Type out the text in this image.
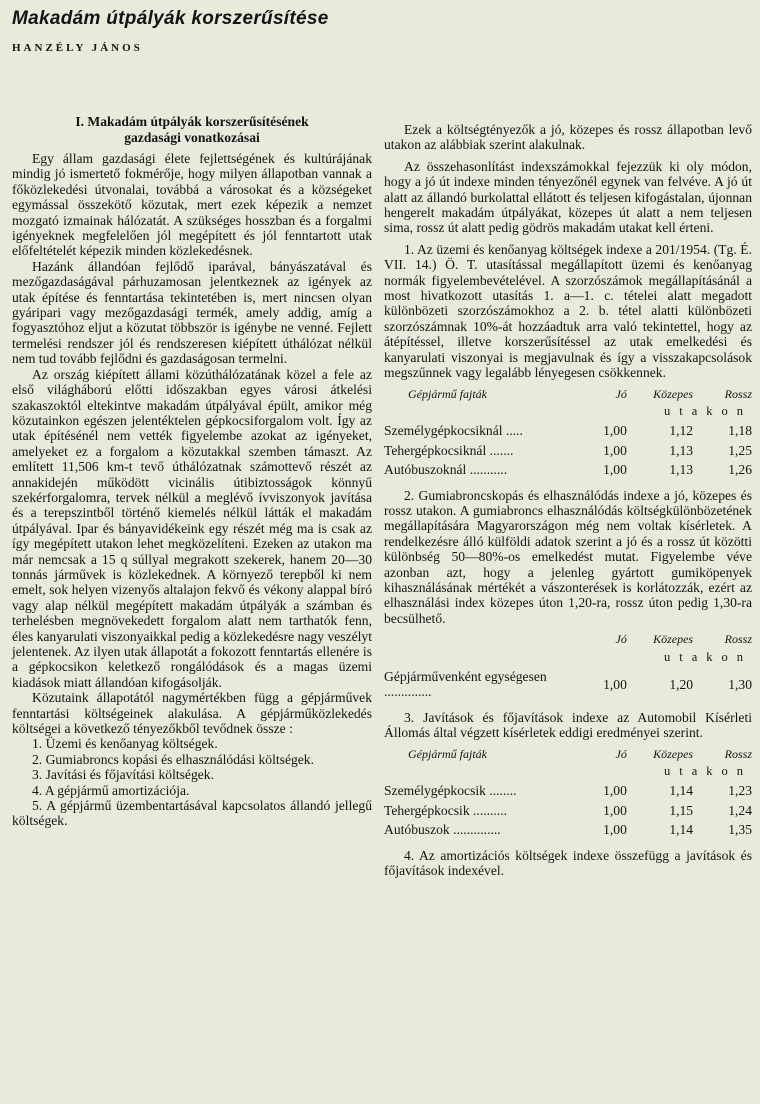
Makadám útpályák korszerűsítése
HANZÉLY JÁNOS
I. Makadám útpályák korszerűsítésének
gazdasági vonatkozásai

Egy állam gazdasági élete fejlettségének és kultúrájának mindig jó ismertető fokmérője, hogy milyen állapotban vannak a főközlekedési útvonalai, továbbá a városokat és a községeket egymással összekötő közutak, mert ezek képezik a nemzet mozgató izmainak hálózatát. A szükséges hosszban és a forgalmi igényeknek megfelelően jól megépített és jól fenntartott utak előfeltételét képezik minden közlekedésnek.

Hazánk állandóan fejlődő iparával, bányászatával és mezőgazdaságával párhuzamosan jelentkeznek az igények az utak építése és fenntartása tekintetében is, mert nincsen olyan gyáripari vagy mezőgazdasági termék, amely addig, amíg a fogyasztóhoz eljut a közutat többször is igénybe ne venné. Fejlett termelési rendszer jól és rendszeresen kiépített úthálózat nélkül nem tud tovább fejlődni és gazdaságosan termelni.

Az ország kiépített állami közúthálózatának közel a fele az első világháború előtti időszakban egyes városi átkelési szakaszoktól eltekintve makadám útpályával épült, amikor még közutainkon egészen jelentéktelen gépkocsiforgalom volt. Így az utak építésénél nem vették figyelembe azokat az igényeket, amelyeket ez a forgalom a közutakkal szemben támaszt. Az említett 11,506 km-t tevő úthálózatnak számottevő részét az annakidején működött vicinális útibiztosságok könnyű szekérforgalomra, tervek nélkül a meglévő ívviszonyok javítása és a terepszintből történő kiemelés nélkül látták el makadám útpályával. Ipar és bányavidékeink egy részét még ma is csak az így megépített utakon lehet megközelíteni. Ezeken az utakon ma már nemcsak a 15 q súllyal megrakott szekerek, hanem 20—30 tonnás járművek is közlekednek. A környező terepből ki nem emelt, sok helyen vizenyős altalajon fekvő és vékony alappal bíró vagy alap nélkül megépített makadám útpályák a számban és terhelésben megnövekedett forgalom alatt nem tarthatók fenn, éles kanyarulati viszonyaikkal pedig a közlekedésre nagy veszélyt jelentenek. Az ilyen utak állapotát a fokozott fenntartás ellenére is a gépkocsikon keletkező rongálódások és a magas üzemi kiadások miatt állandóan kifogásolják.

Közutaink állapotától nagymértékben függ a gépjárművek fenntartási költségeinek alakulása. A gépjárműközlekedés költségei a következő tényezőkből tevődnek össze :

1. Üzemi és kenőanyag költségek.
2. Gumiabroncs kopási és elhasználódási költségek.
3. Javítási és főjavítási költségek.
4. A gépjármű amortizációja.
5. A gépjármű üzembentartásával kapcsolatos állandó jellegű költségek.

Ezek a költségtényezők a jó, közepes és rossz állapotban levő utakon az alábbiak szerint alakulnak.

Az összehasonlítást indexszámokkal fejezzük ki oly módon, hogy a jó út indexe minden tényezőnél egynek van felvéve. A jó út alatt az állandó burkolattal ellátott és teljesen kifogástalan, újonnan hengerelt makadám útpályákat, közepes út alatt a nem teljesen sima, rossz út alatt pedig gödrös makadám utakat kell érteni.

1. Az üzemi és kenőanyag költségek indexe a 201/1954. (Tg. É. VII. 14.) Ö. T. utasítással megállapított üzemi és kenőanyag normák figyelembevételével. A szorzószámok megállapításánál a most hivatkozott utasítás 1. a—1. c. tételei alatt megadott különbözeti szorzószámokhoz a 2. b. tétel alatti különbözeti szorzószámnak 10%-át hozzáadtuk arra való tekintettel, hogy az átépítéssel, illetve korszerűsítéssel az utak emelkedési és kanyarulati viszonyai is megjavulnak és így a visszakapcsolások megszűnnek vagy legalább lényegesen csökkennek.

Gépjármű fajták	Jó	Közepes	Rossz
utakon			
Személygépkocsiknál .....	1,00	1,12	1,18
Tehergépkocsiknál .......	1,00	1,13	1,25
Autóbuszoknál ...........	1,00	1,13	1,26

2. Gumiabroncskopás és elhasználódás indexe a jó, közepes és rossz utakon. A gumiabroncs elhasználódás költségkülönbözetének megállapítására Magyarországon még nem voltak kísérletek. A rendelkezésre álló külföldi adatok szerint a jó és a rossz út közötti különbség 50—80%-os emelkedést mutat. Figyelembe véve azonban azt, hogy a jelenleg gyártott gumiköpenyek kihasználásának mértékét a vászonterések is korlátozzák, ezért az elhasználási index közepes úton 1,20-ra, rossz úton pedig 1,30-ra becsülhető.

	Jó	Közepes	Rossz
utakon			
Gépjárművenként egységesen ..............	1,00	1,20	1,30

3. Javítások és főjavítások indexe az Automobil Kísérleti Állomás által végzett kísérletek eddigi eredményei szerint.

Gépjármű fajták	Jó	Közepes	Rossz
utakon			
Személygépkocsik ........	1,00	1,14	1,23
Tehergépkocsik ..........	1,00	1,15	1,24
Autóbuszok ..............	1,00	1,14	1,35

4. Az amortizációs költségek indexe összefügg a javítások és főjavítások indexével.
